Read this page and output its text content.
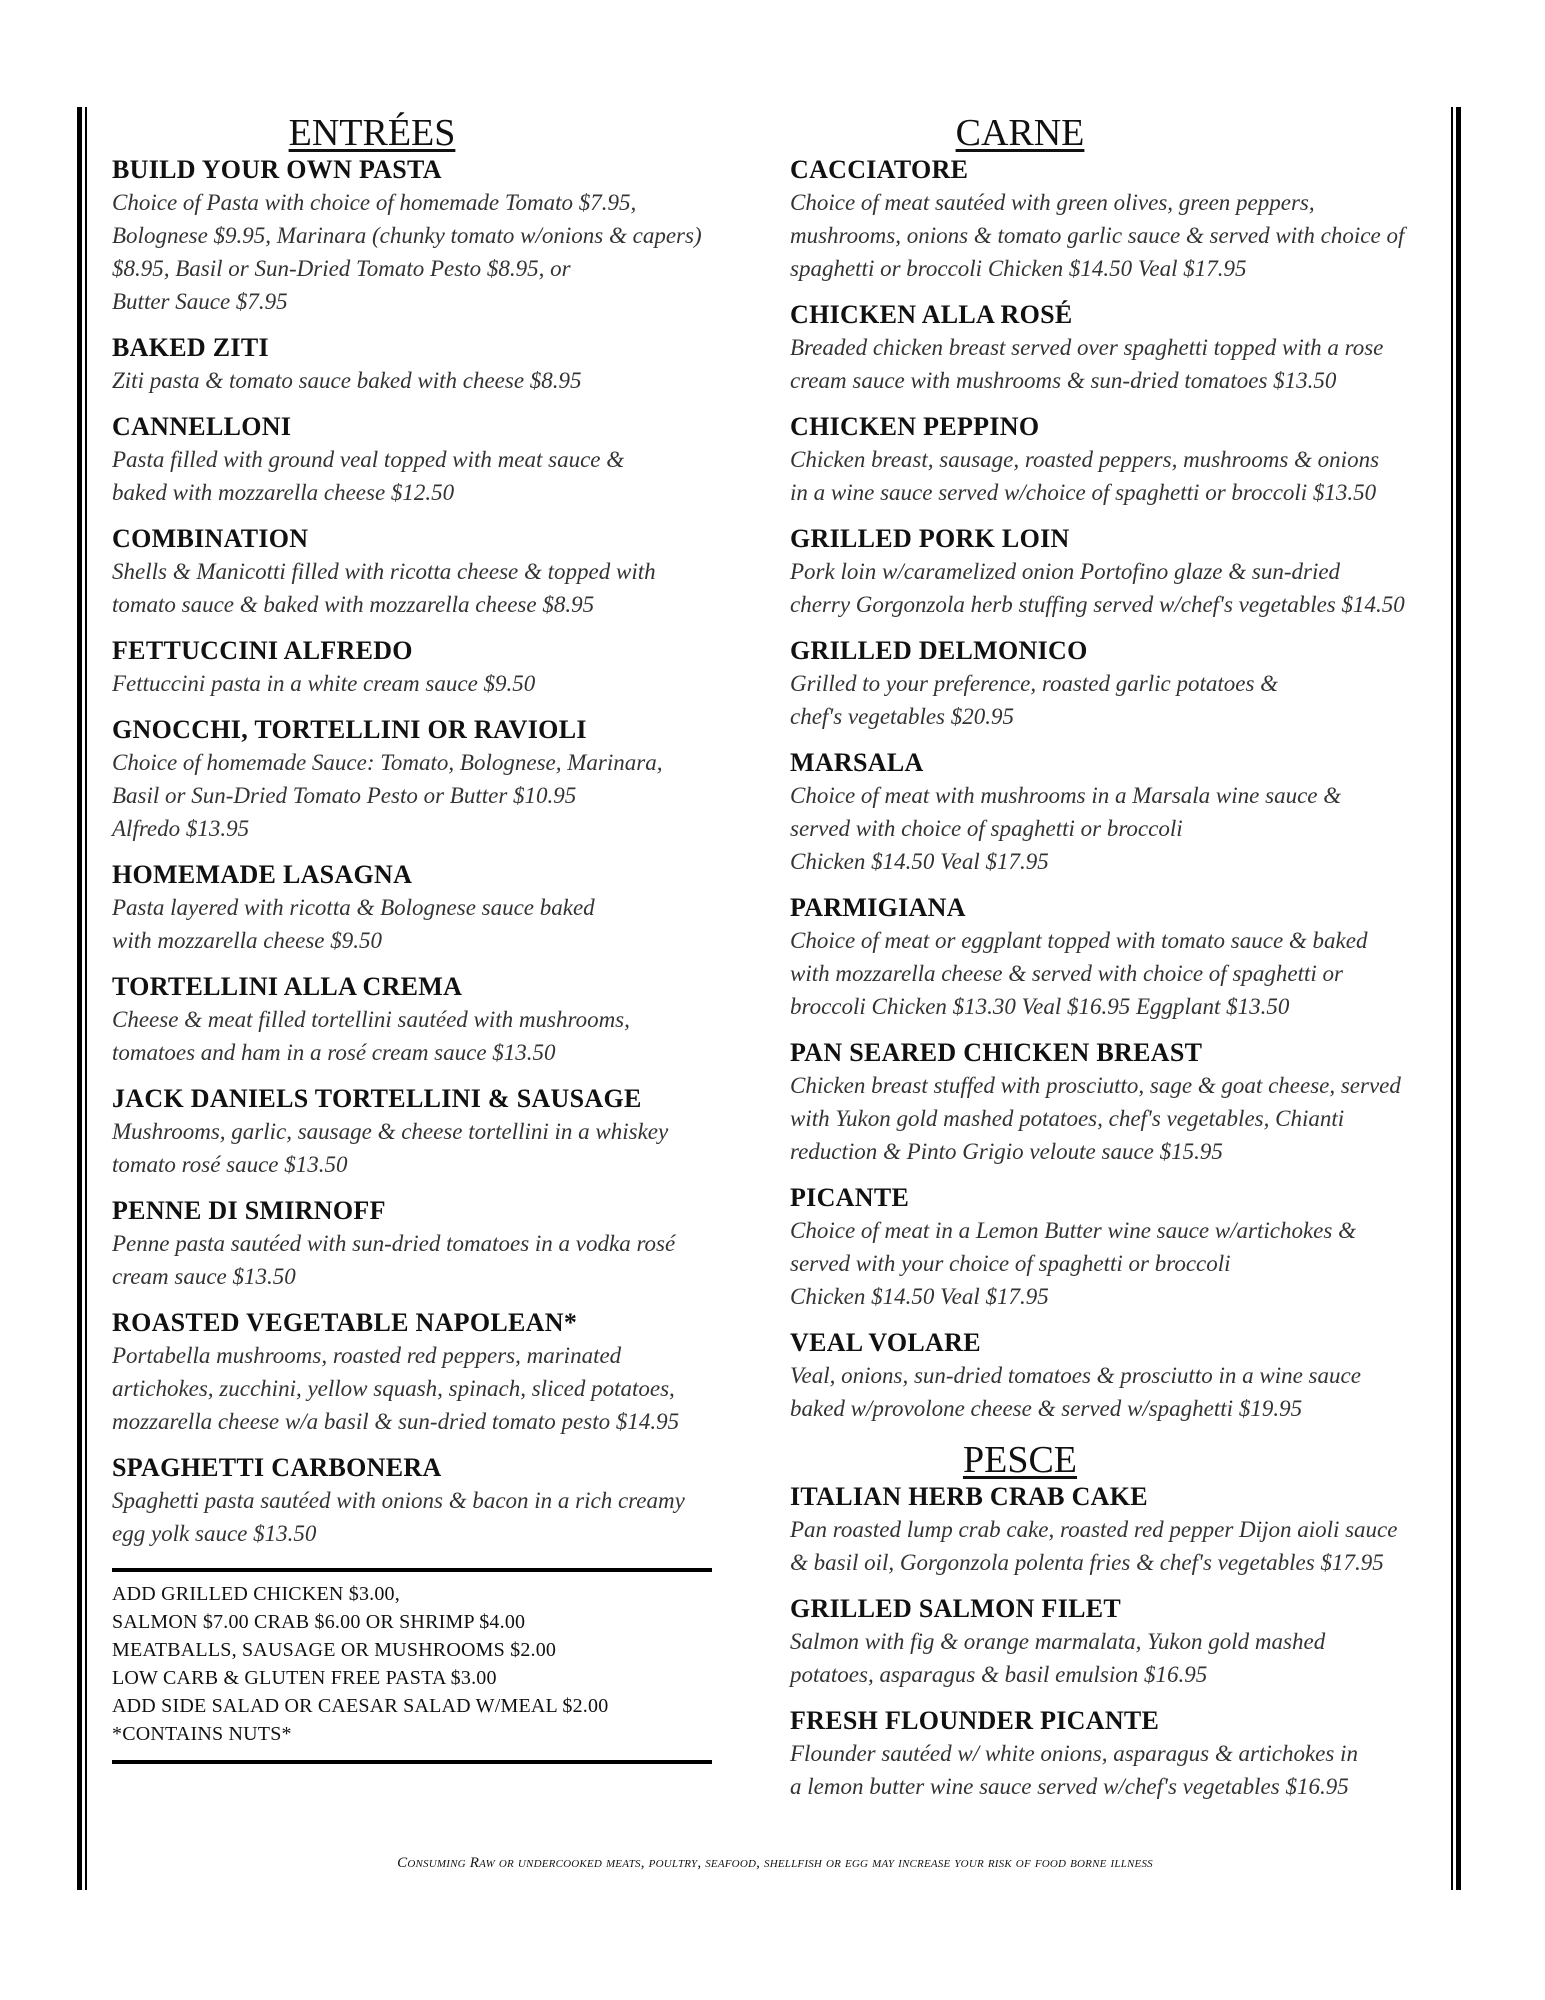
ENTRÉES
BUILD YOUR OWN PASTA
Choice of Pasta with choice of homemade Tomato $7.95,
Bolognese $9.95, Marinara (chunky tomato w/onions & capers)
$8.95, Basil or Sun-Dried Tomato Pesto $8.95, or
Butter Sauce $7.95
BAKED ZITI
Ziti pasta & tomato sauce baked with cheese $8.95
CANNELLONI
Pasta filled with ground veal topped with meat sauce &
baked with mozzarella cheese $12.50
COMBINATION
Shells & Manicotti filled with ricotta cheese & topped with
tomato sauce & baked with mozzarella cheese $8.95
FETTUCCINI ALFREDO
Fettuccini pasta in a white cream sauce $9.50
GNOCCHI, TORTELLINI OR RAVIOLI
Choice of homemade Sauce: Tomato, Bolognese, Marinara,
Basil or Sun-Dried Tomato Pesto or Butter $10.95
Alfredo $13.95
HOMEMADE LASAGNA
Pasta layered with ricotta & Bolognese sauce baked
with mozzarella cheese $9.50
TORTELLINI ALLA CREMA
Cheese & meat filled tortellini sautéed with mushrooms,
tomatoes and ham in a rosé cream sauce $13.50
JACK DANIELS TORTELLINI & SAUSAGE
Mushrooms, garlic, sausage & cheese tortellini in a whiskey
tomato rosé sauce $13.50
PENNE DI SMIRNOFF
Penne pasta sautéed with sun-dried tomatoes in a vodka rosé
cream sauce $13.50
ROASTED VEGETABLE NAPOLEAN*
Portabella mushrooms, roasted red peppers, marinated
artichokes, zucchini, yellow squash, spinach, sliced potatoes,
mozzarella cheese w/a basil & sun-dried tomato pesto $14.95
SPAGHETTI CARBONERA
Spaghetti pasta sautéed with onions & bacon in a rich creamy
egg yolk sauce $13.50
ADD GRILLED CHICKEN $3.00,
SALMON $7.00 CRAB $6.00 OR SHRIMP $4.00
MEATBALLS, SAUSAGE OR MUSHROOMS $2.00
LOW CARB & GLUTEN FREE PASTA $3.00
ADD SIDE SALAD OR CAESAR SALAD W/MEAL $2.00
*CONTAINS NUTS*
CARNE
CACCIATORE
Choice of meat sautéed with green olives, green peppers,
mushrooms, onions & tomato garlic sauce & served with choice of
spaghetti or broccoli Chicken $14.50 Veal $17.95
CHICKEN ALLA ROSÉ
Breaded chicken breast served over spaghetti topped with a rose
cream sauce with mushrooms & sun-dried tomatoes $13.50
CHICKEN PEPPINO
Chicken breast, sausage, roasted peppers, mushrooms & onions
in a wine sauce served w/choice of spaghetti or broccoli $13.50
GRILLED PORK LOIN
Pork loin w/caramelized onion Portofino glaze & sun-dried
cherry Gorgonzola herb stuffing served w/chef's vegetables $14.50
GRILLED DELMONICO
Grilled to your preference, roasted garlic potatoes &
chef's vegetables $20.95
MARSALA
Choice of meat with mushrooms in a Marsala wine sauce &
served with choice of spaghetti or broccoli
Chicken $14.50 Veal $17.95
PARMIGIANA
Choice of meat or eggplant topped with tomato sauce & baked
with mozzarella cheese & served with choice of spaghetti or
broccoli Chicken $13.30 Veal $16.95 Eggplant $13.50
PAN SEARED CHICKEN BREAST
Chicken breast stuffed with prosciutto, sage & goat cheese, served
with Yukon gold mashed potatoes, chef's vegetables, Chianti
reduction & Pinto Grigio veloute sauce $15.95
PICANTE
Choice of meat in a Lemon Butter wine sauce w/artichokes &
served with your choice of spaghetti or broccoli
Chicken $14.50 Veal $17.95
VEAL VOLARE
Veal, onions, sun-dried tomatoes & prosciutto in a wine sauce
baked w/provolone cheese & served w/spaghetti $19.95
PESCE
ITALIAN HERB CRAB CAKE
Pan roasted lump crab cake, roasted red pepper Dijon aioli sauce
& basil oil, Gorgonzola polenta fries & chef's vegetables $17.95
GRILLED SALMON FILET
Salmon with fig & orange marmalata, Yukon gold mashed
potatoes, asparagus & basil emulsion $16.95
FRESH FLOUNDER PICANTE
Flounder sautéed w/ white onions, asparagus & artichokes in
a lemon butter wine sauce served w/chef's vegetables $16.95
Consuming Raw or undercooked meats, poultry, seafood, shellfish or egg may increase your risk of food borne illness
